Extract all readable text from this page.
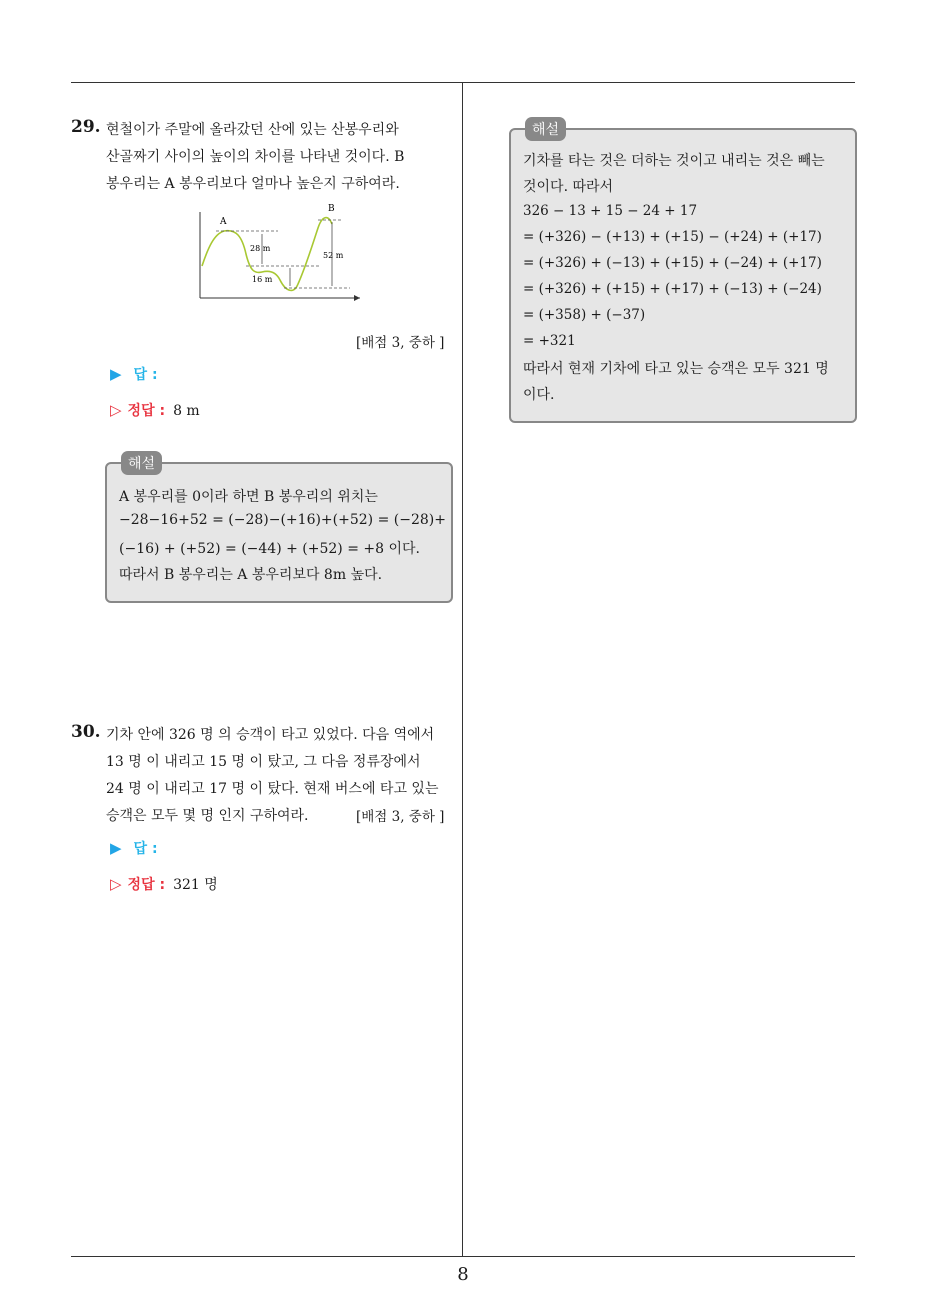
8
29. 현철이가 주말에 올라갔던 산에 있는 산봉우리와
산골짜기 사이의 높이의 차이를 나타낸 것이다. B
봉우리는 A 봉우리보다 얼마나 높은지 구하여라.
A
B
28 m
16 m
52 m
[배점 3, 중하 ]
▶ 답 :
▷ 정답 : 8 m
해설
A 봉우리를 0이라 하면 B 봉우리의 위치는
−28−16+52 = (−28)−(+16)+(+52) = (−28)+
(−16) + (+52) = (−44) + (+52) = +8 이다.
따라서 B 봉우리는 A 봉우리보다 8m 높다.
30. 기차 안에 326 명 의 승객이 타고 있었다. 다음 역에서
13 명 이 내리고 15 명 이 탔고, 그 다음 정류장에서
24 명 이 내리고 17 명 이 탔다. 현재 버스에 타고 있는
승객은 모두 몇 명 인지 구하여라.	[배점 3, 중하 ]
▶ 답 :
▷ 정답 : 321 명
해설
기차를 타는 것은 더하는 것이고 내리는 것은 빼는
것이다. 따라서
326 − 13 + 15 − 24 + 17
= (+326) − (+13) + (+15) − (+24) + (+17)
= (+326) + (−13) + (+15) + (−24) + (+17)
= (+326) + (+15) + (+17) + (−13) + (−24)
= (+358) + (−37)
= +321
따라서 현재 기차에 타고 있는 승객은 모두 321 명
이다.
